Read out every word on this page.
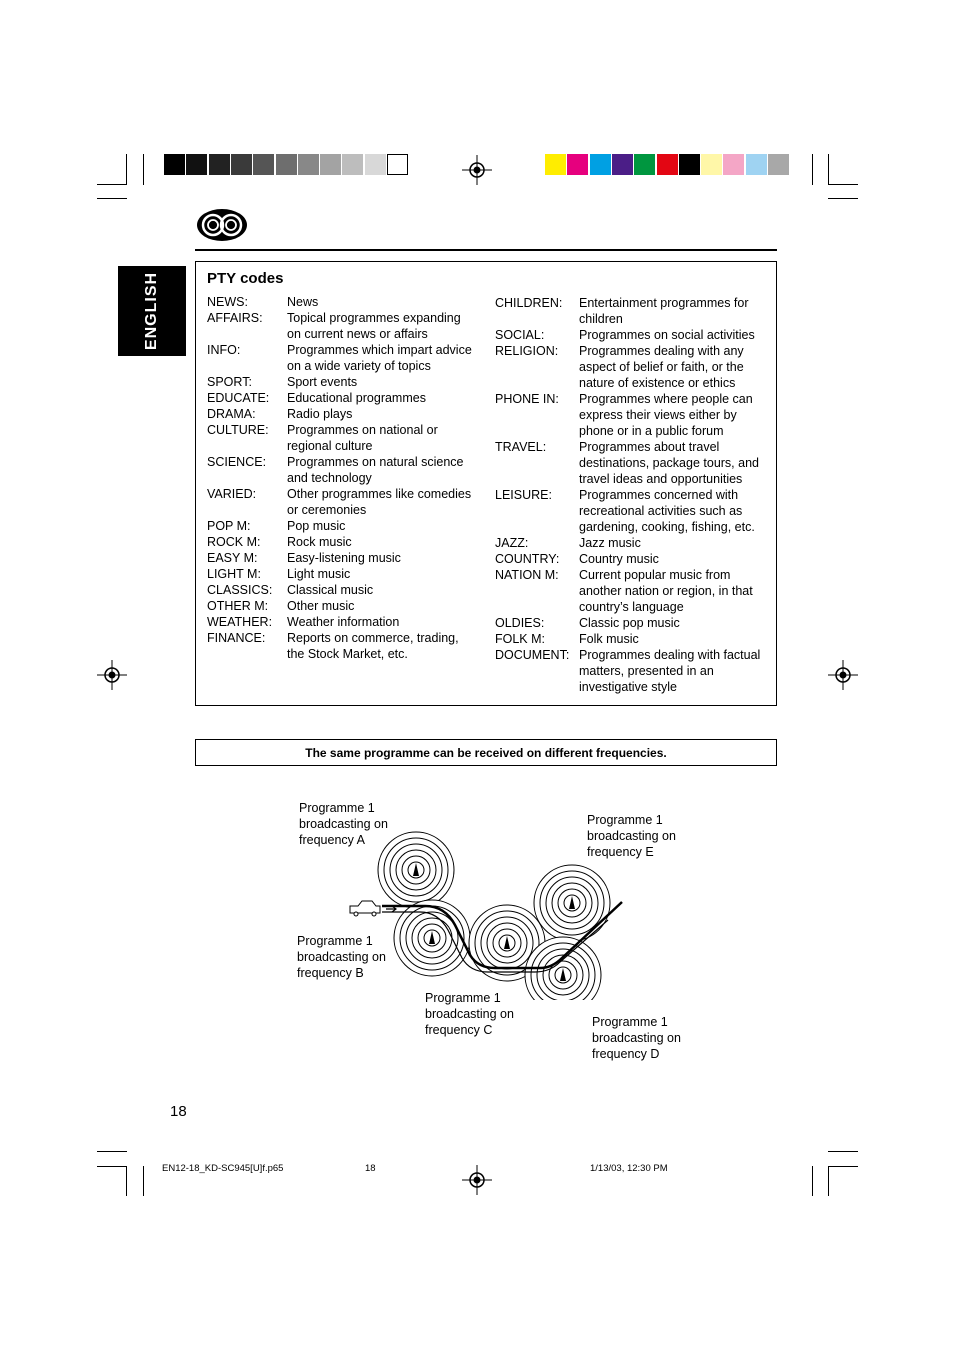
ENGLISH	PTY codes
NEWS:	News
AFFAIRS:	Topical programmes expanding on current news or affairs
INFO:	Programmes which impart advice on a wide variety of topics
SPORT:	Sport events
EDUCATE:	Educational programmes
DRAMA:	Radio plays
CULTURE:	Programmes on national or regional culture
SCIENCE:	Programmes on natural science and technology
VARIED:	Other programmes like comedies or ceremonies
POP M:	Pop music
ROCK M:	Rock music
EASY M:	Easy-listening music
LIGHT M:	Light music
CLASSICS:	Classical music
OTHER M:	Other music
WEATHER:	Weather information
FINANCE:	Reports on commerce, trading, the Stock Market, etc.
CHILDREN:	Entertainment programmes for children
SOCIAL:	Programmes on social activities
RELIGION:	Programmes dealing with any aspect of belief or faith, or the nature of existence or ethics
PHONE IN:	Programmes where people can express their views either by phone or in a public forum
TRAVEL:	Programmes about travel destinations, package tours, and travel ideas and opportunities
LEISURE:	Programmes concerned with recreational activities such as gardening, cooking, fishing, etc.
JAZZ:	Jazz music
COUNTRY:	Country music
NATION M:	Current popular music from another nation or region, in that country’s language
OLDIES:	Classic pop music
FOLK M:	Folk music
DOCUMENT: Programmes dealing with factual matters, presented in an investigative style
The same programme can be received on different frequencies.
Programme 1 broadcasting on frequency A
Programme 1 broadcasting on frequency E
Programme 1 broadcasting on frequency B
Programme 1 broadcasting on frequency C
Programme 1 broadcasting on frequency D
18
EN12-18_KD-SC945[U]f.p65	18	1/13/03, 12:30 PM
